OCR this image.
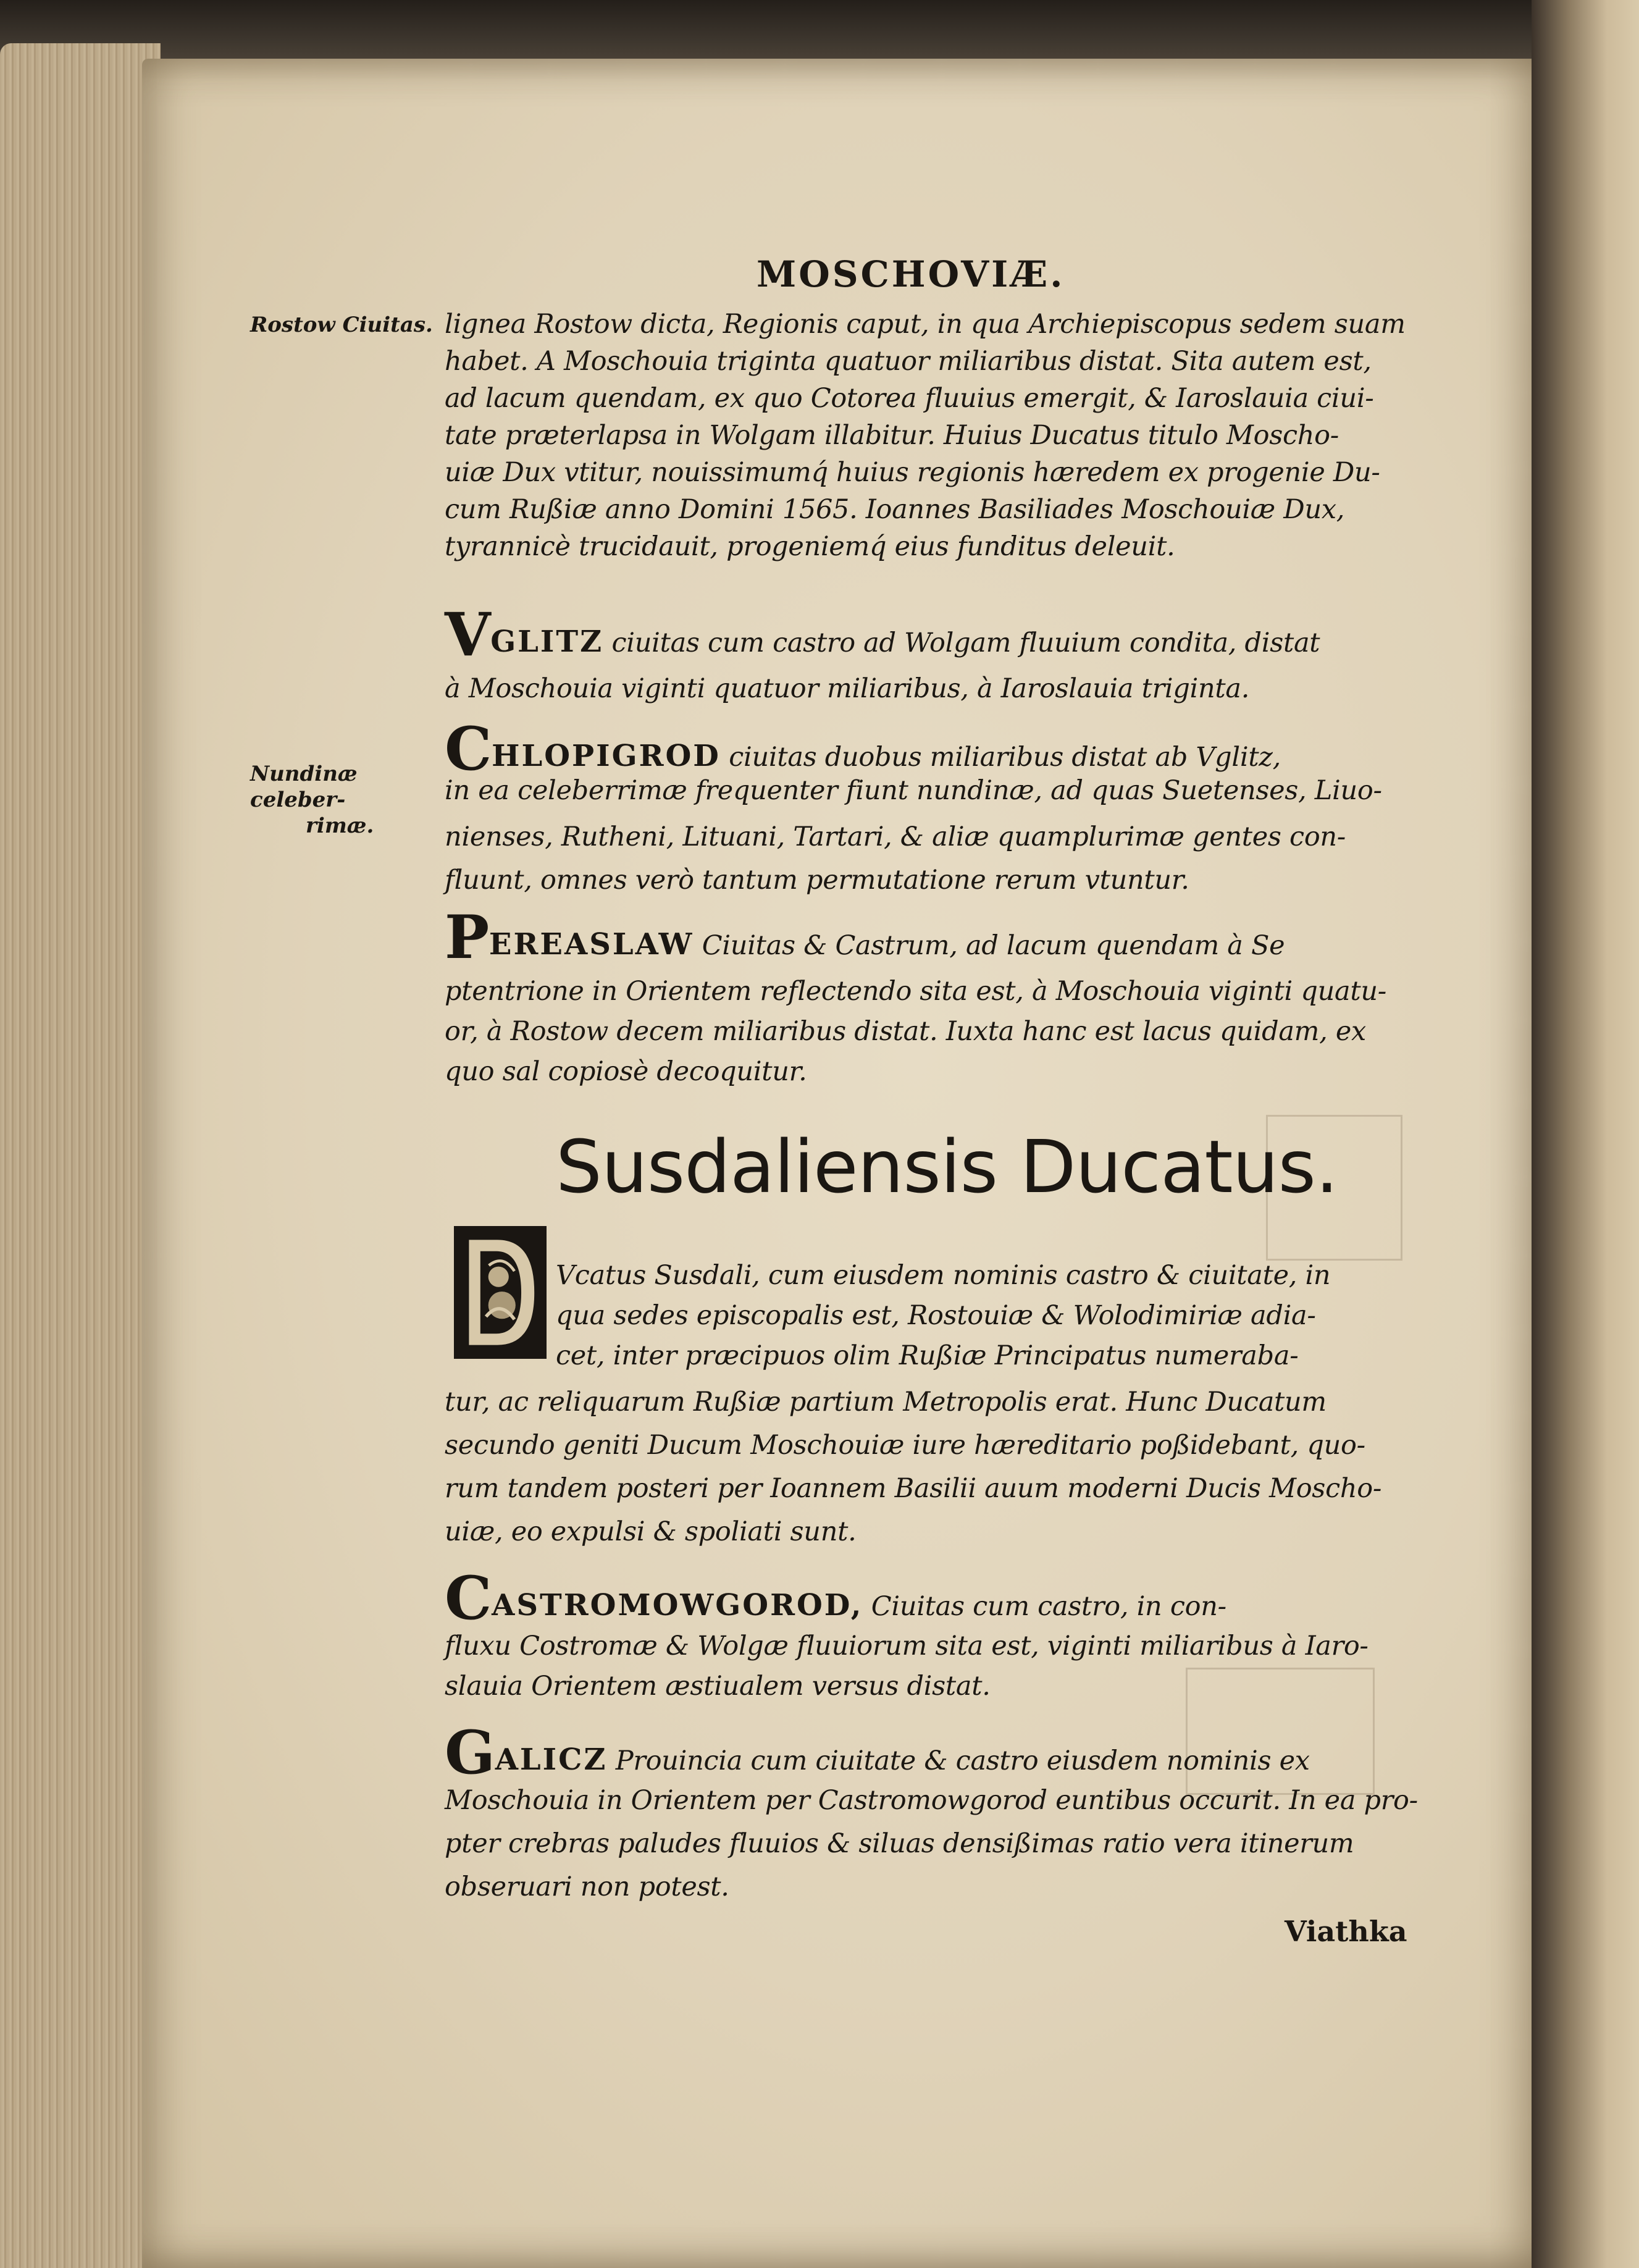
MOSCHOVIÆ.
Rostow Ciuitas.
Nundinæ celeber-
rimæ.
lignea Rostow dicta, Regionis caput, in qua Archiepiscopus sedem suam
habet. A Moschouia triginta quatuor miliaribus distat. Sita autem est,
ad lacum quendam, ex quo Cotorea fluuius emergit, & Iaroslauia ciui-
tate præterlapsa in Wolgam illabitur. Huius Ducatus titulo Moscho-
uiæ Dux vtitur, nouissimumq́ huius regionis hæredem ex progenie Du-
cum Rußiæ anno Domini 1565. Ioannes Basiliades Moschouiæ Dux,
tyrannicè trucidauit, progeniemq́ eius funditus deleuit.
VGLITZ ciuitas cum castro ad Wolgam fluuium condita, distat
à Moschouia viginti quatuor miliaribus, à Iaroslauia triginta.
CHLOPIGROD ciuitas duobus miliaribus distat ab Vglitz,
in ea celeberrimæ frequenter fiunt nundinæ, ad quas Suetenses, Liuo-
nienses, Rutheni, Lituani, Tartari, & aliæ quamplurimæ gentes con-
fluunt, omnes verò tantum permutatione rerum vtuntur.
PEREASLAW Ciuitas & Castrum, ad lacum quendam à Se
ptentrione in Orientem reflectendo sita est, à Moschouia viginti quatu-
or, à Rostow decem miliaribus distat. Iuxta hanc est lacus quidam, ex
quo sal copiosè decoquitur.
Susdaliensis Ducatus.
Vcatus Susdali, cum eiusdem nominis castro & ciuitate, in
qua sedes episcopalis est, Rostouiæ & Wolodimiriæ adia-
cet, inter præcipuos olim Rußiæ Principatus numeraba-
tur, ac reliquarum Rußiæ partium Metropolis erat. Hunc Ducatum
secundo geniti Ducum Moschouiæ iure hæreditario poßidebant, quo-
rum tandem posteri per Ioannem Basilii auum moderni Ducis Moscho-
uiæ, eo expulsi & spoliati sunt.
CASTROMOWGOROD, Ciuitas cum castro, in con-
fluxu Costromæ & Wolgæ fluuiorum sita est, viginti miliaribus à Iaro-
slauia Orientem æstiualem versus distat.
GALICZ Prouincia cum ciuitate & castro eiusdem nominis ex
Moschouia in Orientem per Castromowgorod euntibus occurit. In ea pro-
pter crebras paludes fluuios & siluas densißimas ratio vera itinerum
obseruari non potest.
Viathka
